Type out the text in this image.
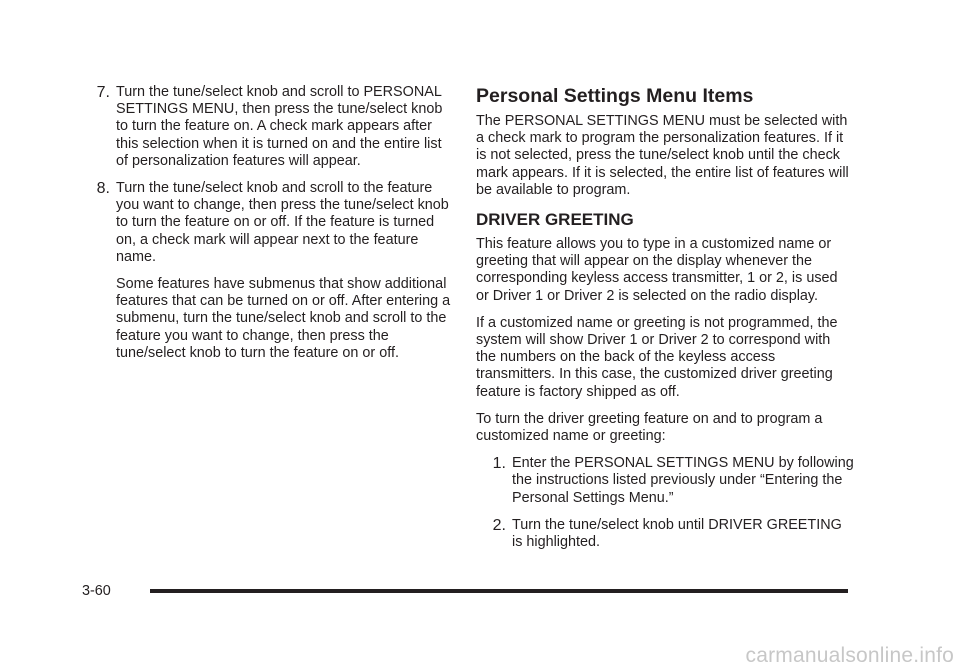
7. Turn the tune/select knob and scroll to PERSONAL SETTINGS MENU, then press the tune/select knob to turn the feature on. A check mark appears after this selection when it is turned on and the entire list of personalization features will appear.

8. Turn the tune/select knob and scroll to the feature you want to change, then press the tune/select knob to turn the feature on or off. If the feature is turned on, a check mark will appear next to the feature name.

Some features have submenus that show additional features that can be turned on or off. After entering a submenu, turn the tune/select knob and scroll to the feature you want to change, then press the tune/select knob to turn the feature on or off.

Personal Settings Menu Items

The PERSONAL SETTINGS MENU must be selected with a check mark to program the personalization features. If it is not selected, press the tune/select knob until the check mark appears. If it is selected, the entire list of features will be available to program.

DRIVER GREETING

This feature allows you to type in a customized name or greeting that will appear on the display whenever the corresponding keyless access transmitter, 1 or 2, is used or Driver 1 or Driver 2 is selected on the radio display.

If a customized name or greeting is not programmed, the system will show Driver 1 or Driver 2 to correspond with the numbers on the back of the keyless access transmitters. In this case, the customized driver greeting feature is factory shipped as off.

To turn the driver greeting feature on and to program a customized name or greeting:

1. Enter the PERSONAL SETTINGS MENU by following the instructions listed previously under “Entering the Personal Settings Menu.”

2. Turn the tune/select knob until DRIVER GREETING is highlighted.

3-60
carmanualsonline.info
